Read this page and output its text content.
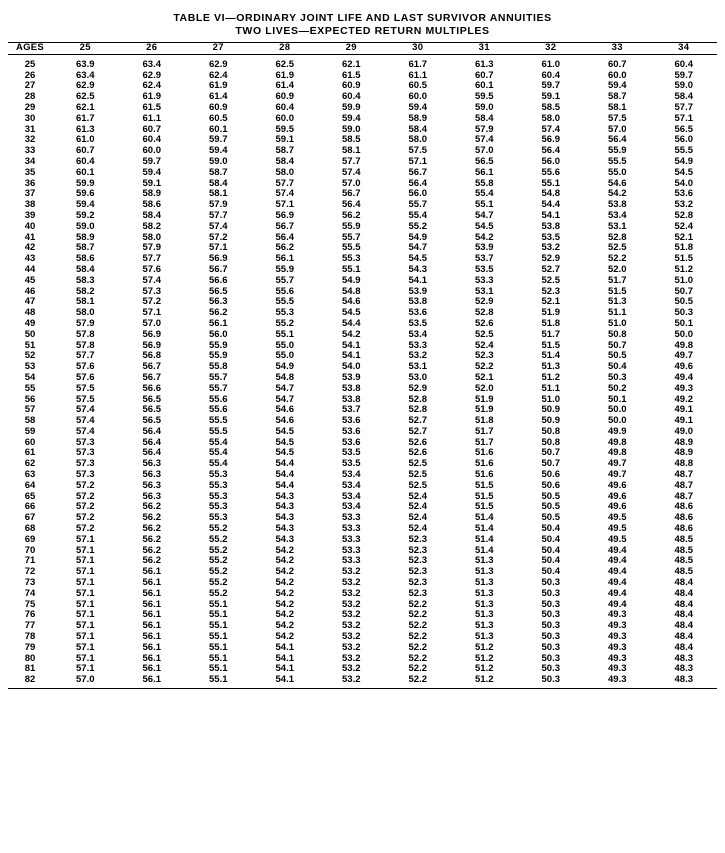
TABLE VI—ORDINARY JOINT LIFE AND LAST SURVIVOR ANNUITIES
TWO LIVES—EXPECTED RETURN MULTIPLES
AGES	25	26	27	28	29	30	31	32	33	34

25	63.9	63.4	62.9	62.5	62.1	61.7	61.3	61.0	60.7	60.4
26	63.4	62.9	62.4	61.9	61.5	61.1	60.7	60.4	60.0	59.7
27	62.9	62.4	61.9	61.4	60.9	60.5	60.1	59.7	59.4	59.0
28	62.5	61.9	61.4	60.9	60.4	60.0	59.5	59.1	58.7	58.4
29	62.1	61.5	60.9	60.4	59.9	59.4	59.0	58.5	58.1	57.7
30	61.7	61.1	60.5	60.0	59.4	58.9	58.4	58.0	57.5	57.1
31	61.3	60.7	60.1	59.5	59.0	58.4	57.9	57.4	57.0	56.5
32	61.0	60.4	59.7	59.1	58.5	58.0	57.4	56.9	56.4	56.0
33	60.7	60.0	59.4	58.7	58.1	57.5	57.0	56.4	55.9	55.5
34	60.4	59.7	59.0	58.4	57.7	57.1	56.5	56.0	55.5	54.9
35	60.1	59.4	58.7	58.0	57.4	56.7	56.1	55.6	55.0	54.5
36	59.9	59.1	58.4	57.7	57.0	56.4	55.8	55.1	54.6	54.0
37	59.6	58.9	58.1	57.4	56.7	56.0	55.4	54.8	54.2	53.6
38	59.4	58.6	57.9	57.1	56.4	55.7	55.1	54.4	53.8	53.2
39	59.2	58.4	57.7	56.9	56.2	55.4	54.7	54.1	53.4	52.8
40	59.0	58.2	57.4	56.7	55.9	55.2	54.5	53.8	53.1	52.4
41	58.9	58.0	57.2	56.4	55.7	54.9	54.2	53.5	52.8	52.1
42	58.7	57.9	57.1	56.2	55.5	54.7	53.9	53.2	52.5	51.8
43	58.6	57.7	56.9	56.1	55.3	54.5	53.7	52.9	52.2	51.5
44	58.4	57.6	56.7	55.9	55.1	54.3	53.5	52.7	52.0	51.2
45	58.3	57.4	56.6	55.7	54.9	54.1	53.3	52.5	51.7	51.0
46	58.2	57.3	56.5	55.6	54.8	53.9	53.1	52.3	51.5	50.7
47	58.1	57.2	56.3	55.5	54.6	53.8	52.9	52.1	51.3	50.5
48	58.0	57.1	56.2	55.3	54.5	53.6	52.8	51.9	51.1	50.3
49	57.9	57.0	56.1	55.2	54.4	53.5	52.6	51.8	51.0	50.1
50	57.8	56.9	56.0	55.1	54.2	53.4	52.5	51.7	50.8	50.0
51	57.8	56.9	55.9	55.0	54.1	53.3	52.4	51.5	50.7	49.8
52	57.7	56.8	55.9	55.0	54.1	53.2	52.3	51.4	50.5	49.7
53	57.6	56.7	55.8	54.9	54.0	53.1	52.2	51.3	50.4	49.6
54	57.6	56.7	55.7	54.8	53.9	53.0	52.1	51.2	50.3	49.4
55	57.5	56.6	55.7	54.7	53.8	52.9	52.0	51.1	50.2	49.3
56	57.5	56.5	55.6	54.7	53.8	52.8	51.9	51.0	50.1	49.2
57	57.4	56.5	55.6	54.6	53.7	52.8	51.9	50.9	50.0	49.1
58	57.4	56.5	55.5	54.6	53.6	52.7	51.8	50.9	50.0	49.1
59	57.4	56.4	55.5	54.5	53.6	52.7	51.7	50.8	49.9	49.0
60	57.3	56.4	55.4	54.5	53.6	52.6	51.7	50.8	49.8	48.9
61	57.3	56.4	55.4	54.5	53.5	52.6	51.6	50.7	49.8	48.9
62	57.3	56.3	55.4	54.4	53.5	52.5	51.6	50.7	49.7	48.8
63	57.3	56.3	55.3	54.4	53.4	52.5	51.6	50.6	49.7	48.7
64	57.2	56.3	55.3	54.4	53.4	52.5	51.5	50.6	49.6	48.7
65	57.2	56.3	55.3	54.3	53.4	52.4	51.5	50.5	49.6	48.7
66	57.2	56.2	55.3	54.3	53.4	52.4	51.5	50.5	49.6	48.6
67	57.2	56.2	55.3	54.3	53.3	52.4	51.4	50.5	49.5	48.6
68	57.2	56.2	55.2	54.3	53.3	52.4	51.4	50.4	49.5	48.6
69	57.1	56.2	55.2	54.3	53.3	52.3	51.4	50.4	49.5	48.5
70	57.1	56.2	55.2	54.2	53.3	52.3	51.4	50.4	49.4	48.5
71	57.1	56.2	55.2	54.2	53.3	52.3	51.3	50.4	49.4	48.5
72	57.1	56.1	55.2	54.2	53.2	52.3	51.3	50.4	49.4	48.5
73	57.1	56.1	55.2	54.2	53.2	52.3	51.3	50.3	49.4	48.4
74	57.1	56.1	55.2	54.2	53.2	52.3	51.3	50.3	49.4	48.4
75	57.1	56.1	55.1	54.2	53.2	52.2	51.3	50.3	49.4	48.4
76	57.1	56.1	55.1	54.2	53.2	52.2	51.3	50.3	49.3	48.4
77	57.1	56.1	55.1	54.2	53.2	52.2	51.3	50.3	49.3	48.4
78	57.1	56.1	55.1	54.2	53.2	52.2	51.3	50.3	49.3	48.4
79	57.1	56.1	55.1	54.1	53.2	52.2	51.2	50.3	49.3	48.4
80	57.1	56.1	55.1	54.1	53.2	52.2	51.2	50.3	49.3	48.3
81	57.1	56.1	55.1	54.1	53.2	52.2	51.2	50.3	49.3	48.3
82	57.0	56.1	55.1	54.1	53.2	52.2	51.2	50.3	49.3	48.3
